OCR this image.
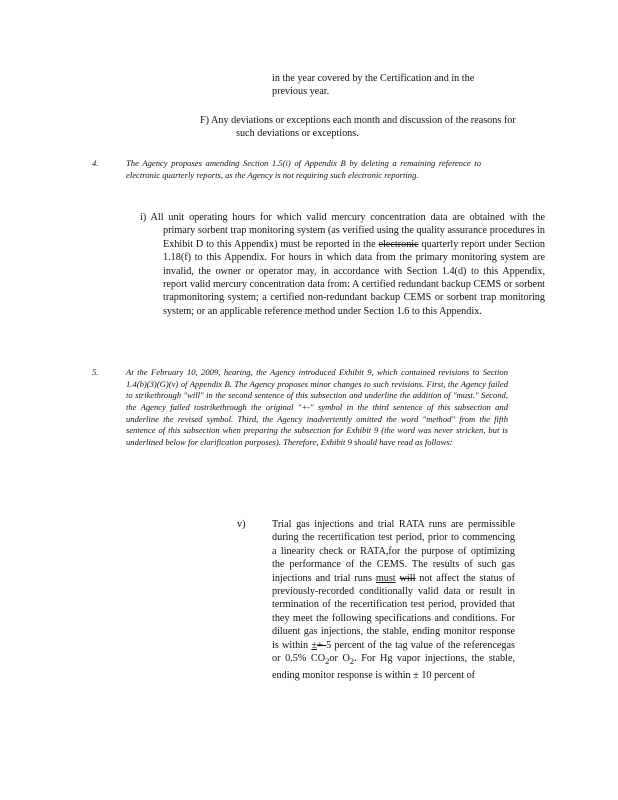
in the year covered by the Certification and in the

previous year.

F) Any deviations or exceptions each month and discussion of the reasons for such deviations or exceptions.
4.	The Agency proposes amending Section 1.5(i) of Appendix B by deleting a remaining reference to electronic quarterly reports, as the Agency is not requiring such electronic reporting.
i) All unit operating hours for which valid mercury concentration data are obtained with the primary sorbent trap monitoring system (as verified using the quality assurance procedures in Exhibit D to this Appendix) must be reported in the electronic quarterly report under Section 1.18(f) to this Appendix. For hours in which data from the primary monitoring system are invalid, the owner or operator may, in accordance with Section 1.4(d) to this Appendix, report valid mercury concentration data from: A certified redundant backup CEMS or sorbent trapmonitoring system; a certified non-redundant backup CEMS or sorbent trap monitoring system; or an applicable reference method under Section 1.6 to this Appendix.
5.	At the February 10, 2009, hearing, the Agency introduced Exhibit 9, which contained revisions to Section 1.4(b)(3)(G)(v) of Appendix B. The Agency proposes minor changes to such revisions. First, the Agency failed to strikethrough "will" in the second sentence of this subsection and underline the addition of "must." Second, the Agency failed tostrikethrough the original "+-" symbol in the third sentence of this subsection and underline the revised symbol. Third, the Agency inadvertently omitted the word "method" from the fifth sentence of this subsection when preparing the subsection for Exhibit 9 (the word was never stricken, but is underlined below for clarification purposes). Therefore, Exhibit 9 should have read as follows:
v)	Trial gas injections and trial RATA runs are permissible during the recertification test period, prior to commencing a linearity check or RATA,for the purpose of optimizing the performance of the CEMS. The results of such gas injections and trial runs must will not affect the status of previously-recorded conditionally valid data or result in termination of the recertification test period, provided that they meet the following specifications and conditions. For diluent gas injections, the stable, ending monitor response is within ±+-5 percent of the tag value of the referencegas or 0.5% $CO_2or$ $O_2$. For Hg vapor injections, the stable, ending monitor response is within ± 10 percent of
